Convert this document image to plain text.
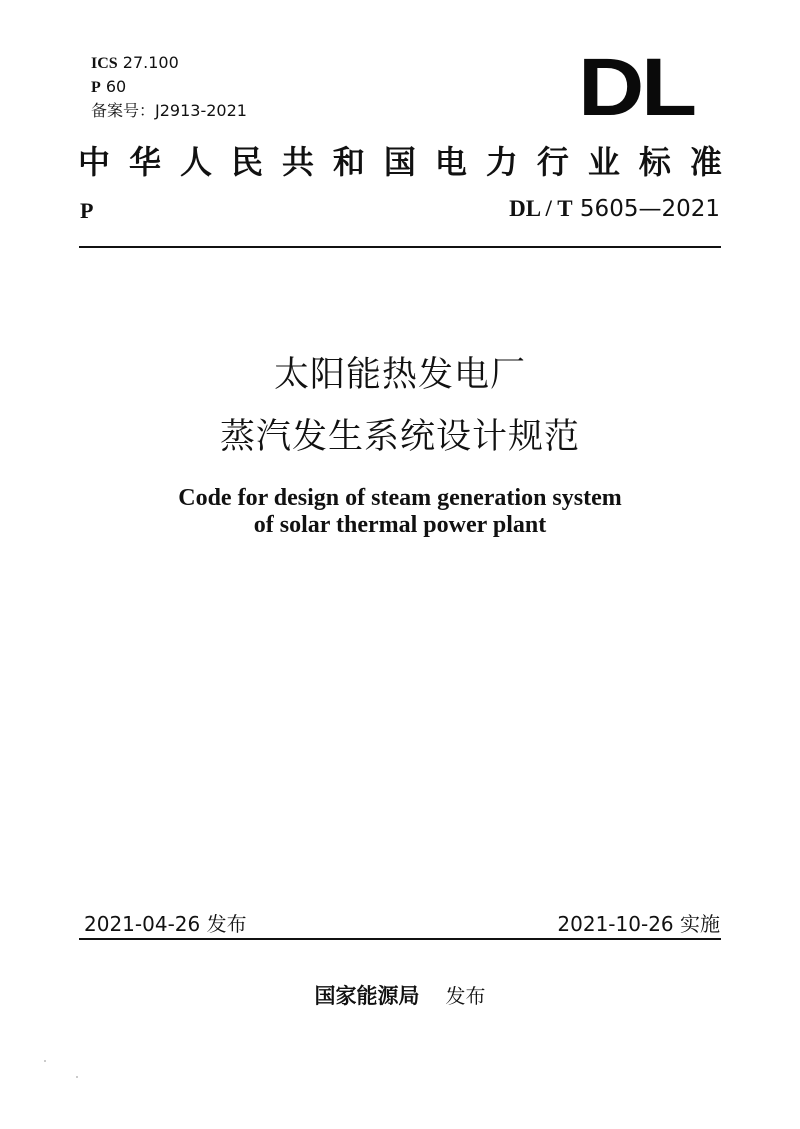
ICS 27.100
P 60
备案号：J2913-2021	DL
中 华 人 民 共 和 国 电 力 行 业 标 准
P	DL / T 5605—2021
太阳能热发电厂
蒸汽发生系统设计规范
Code for design of steam generation system
of solar thermal power plant
2021-04-26 发布	2021-10-26 实施
国家能源局 发布
